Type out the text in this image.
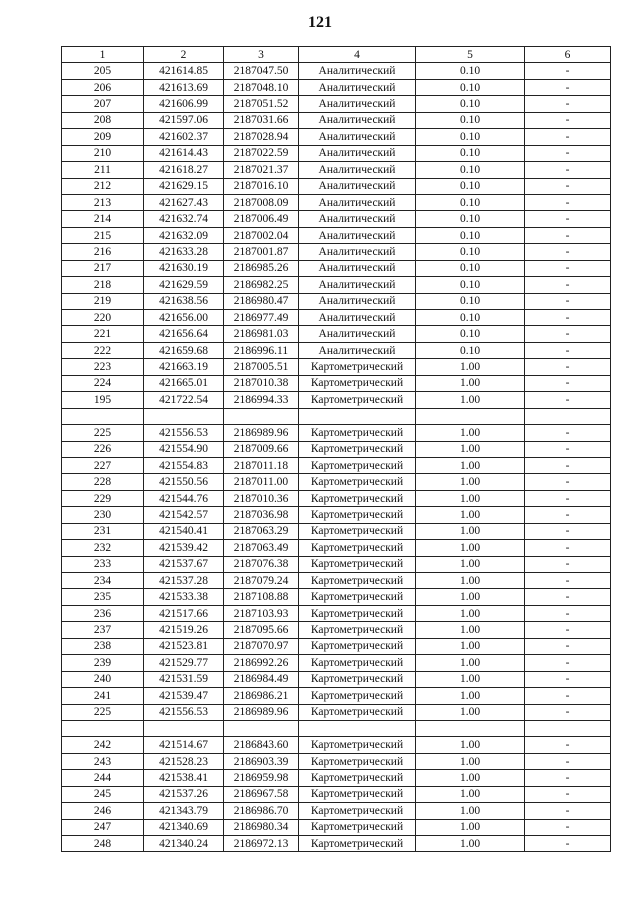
121
1	2	3	4	5	6
205	421614.85	2187047.50	Аналитический	0.10	-
206	421613.69	2187048.10	Аналитический	0.10	-
207	421606.99	2187051.52	Аналитический	0.10	-
208	421597.06	2187031.66	Аналитический	0.10	-
209	421602.37	2187028.94	Аналитический	0.10	-
210	421614.43	2187022.59	Аналитический	0.10	-
211	421618.27	2187021.37	Аналитический	0.10	-
212	421629.15	2187016.10	Аналитический	0.10	-
213	421627.43	2187008.09	Аналитический	0.10	-
214	421632.74	2187006.49	Аналитический	0.10	-
215	421632.09	2187002.04	Аналитический	0.10	-
216	421633.28	2187001.87	Аналитический	0.10	-
217	421630.19	2186985.26	Аналитический	0.10	-
218	421629.59	2186982.25	Аналитический	0.10	-
219	421638.56	2186980.47	Аналитический	0.10	-
220	421656.00	2186977.49	Аналитический	0.10	-
221	421656.64	2186981.03	Аналитический	0.10	-
222	421659.68	2186996.11	Аналитический	0.10	-
223	421663.19	2187005.51	Картометрический	1.00	-
224	421665.01	2187010.38	Картометрический	1.00	-
195	421722.54	2186994.33	Картометрический	1.00	-

225	421556.53	2186989.96	Картометрический	1.00	-
226	421554.90	2187009.66	Картометрический	1.00	-
227	421554.83	2187011.18	Картометрический	1.00	-
228	421550.56	2187011.00	Картометрический	1.00	-
229	421544.76	2187010.36	Картометрический	1.00	-
230	421542.57	2187036.98	Картометрический	1.00	-
231	421540.41	2187063.29	Картометрический	1.00	-
232	421539.42	2187063.49	Картометрический	1.00	-
233	421537.67	2187076.38	Картометрический	1.00	-
234	421537.28	2187079.24	Картометрический	1.00	-
235	421533.38	2187108.88	Картометрический	1.00	-
236	421517.66	2187103.93	Картометрический	1.00	-
237	421519.26	2187095.66	Картометрический	1.00	-
238	421523.81	2187070.97	Картометрический	1.00	-
239	421529.77	2186992.26	Картометрический	1.00	-
240	421531.59	2186984.49	Картометрический	1.00	-
241	421539.47	2186986.21	Картометрический	1.00	-
225	421556.53	2186989.96	Картометрический	1.00	-

242	421514.67	2186843.60	Картометрический	1.00	-
243	421528.23	2186903.39	Картометрический	1.00	-
244	421538.41	2186959.98	Картометрический	1.00	-
245	421537.26	2186967.58	Картометрический	1.00	-
246	421343.79	2186986.70	Картометрический	1.00	-
247	421340.69	2186980.34	Картометрический	1.00	-
248	421340.24	2186972.13	Картометрический	1.00	-
